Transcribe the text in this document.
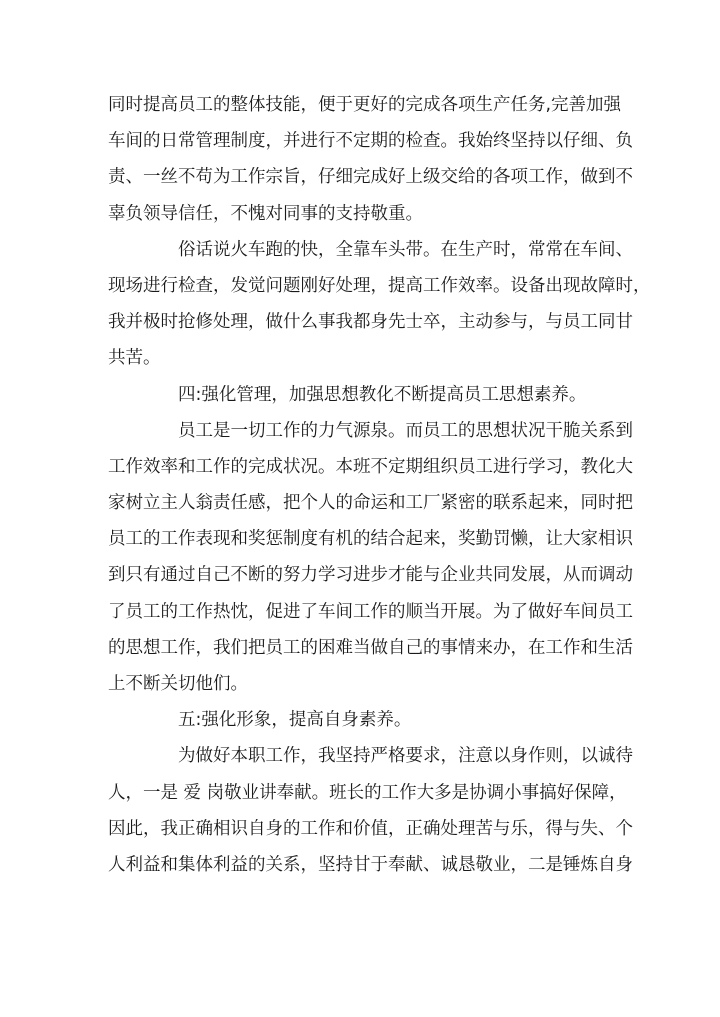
同时提高员工的整体技能，便于更好的完成各项生产任务,完善加强
车间的日常管理制度，并进行不定期的检查。我始终坚持以仔细、负
责、一丝不苟为工作宗旨，仔细完成好上级交给的各项工作，做到不
辜负领导信任，不愧对同事的支持敬重。
俗话说火车跑的快，全靠车头带。在生产时，常常在车间、
现场进行检查，发觉问题刚好处理，提高工作效率。设备出现故障时，
我并极时抢修处理，做什么事我都身先士卒，主动参与，与员工同甘
共苦。
四:强化管理，加强思想教化不断提高员工思想素养。
员工是一切工作的力气源泉。而员工的思想状况干脆关系到
工作效率和工作的完成状况。本班不定期组织员工进行学习，教化大
家树立主人翁责任感，把个人的命运和工厂紧密的联系起来，同时把
员工的工作表现和奖惩制度有机的结合起来，奖勤罚懒，让大家相识
到只有通过自己不断的努力学习进步才能与企业共同发展，从而调动
了员工的工作热忱，促进了车间工作的顺当开展。为了做好车间员工
的思想工作，我们把员工的困难当做自己的事情来办，在工作和生活
上不断关切他们。
五:强化形象，提高自身素养。
为做好本职工作，我坚持严格要求，注意以身作则，以诚待
人，一是 爱 岗敬业讲奉献。班长的工作大多是协调小事搞好保障，
因此，我正确相识自身的工作和价值，正确处理苦与乐，得与失、个
人利益和集体利益的关系，坚持甘于奉献、诚恳敬业，二是锤炼自身
